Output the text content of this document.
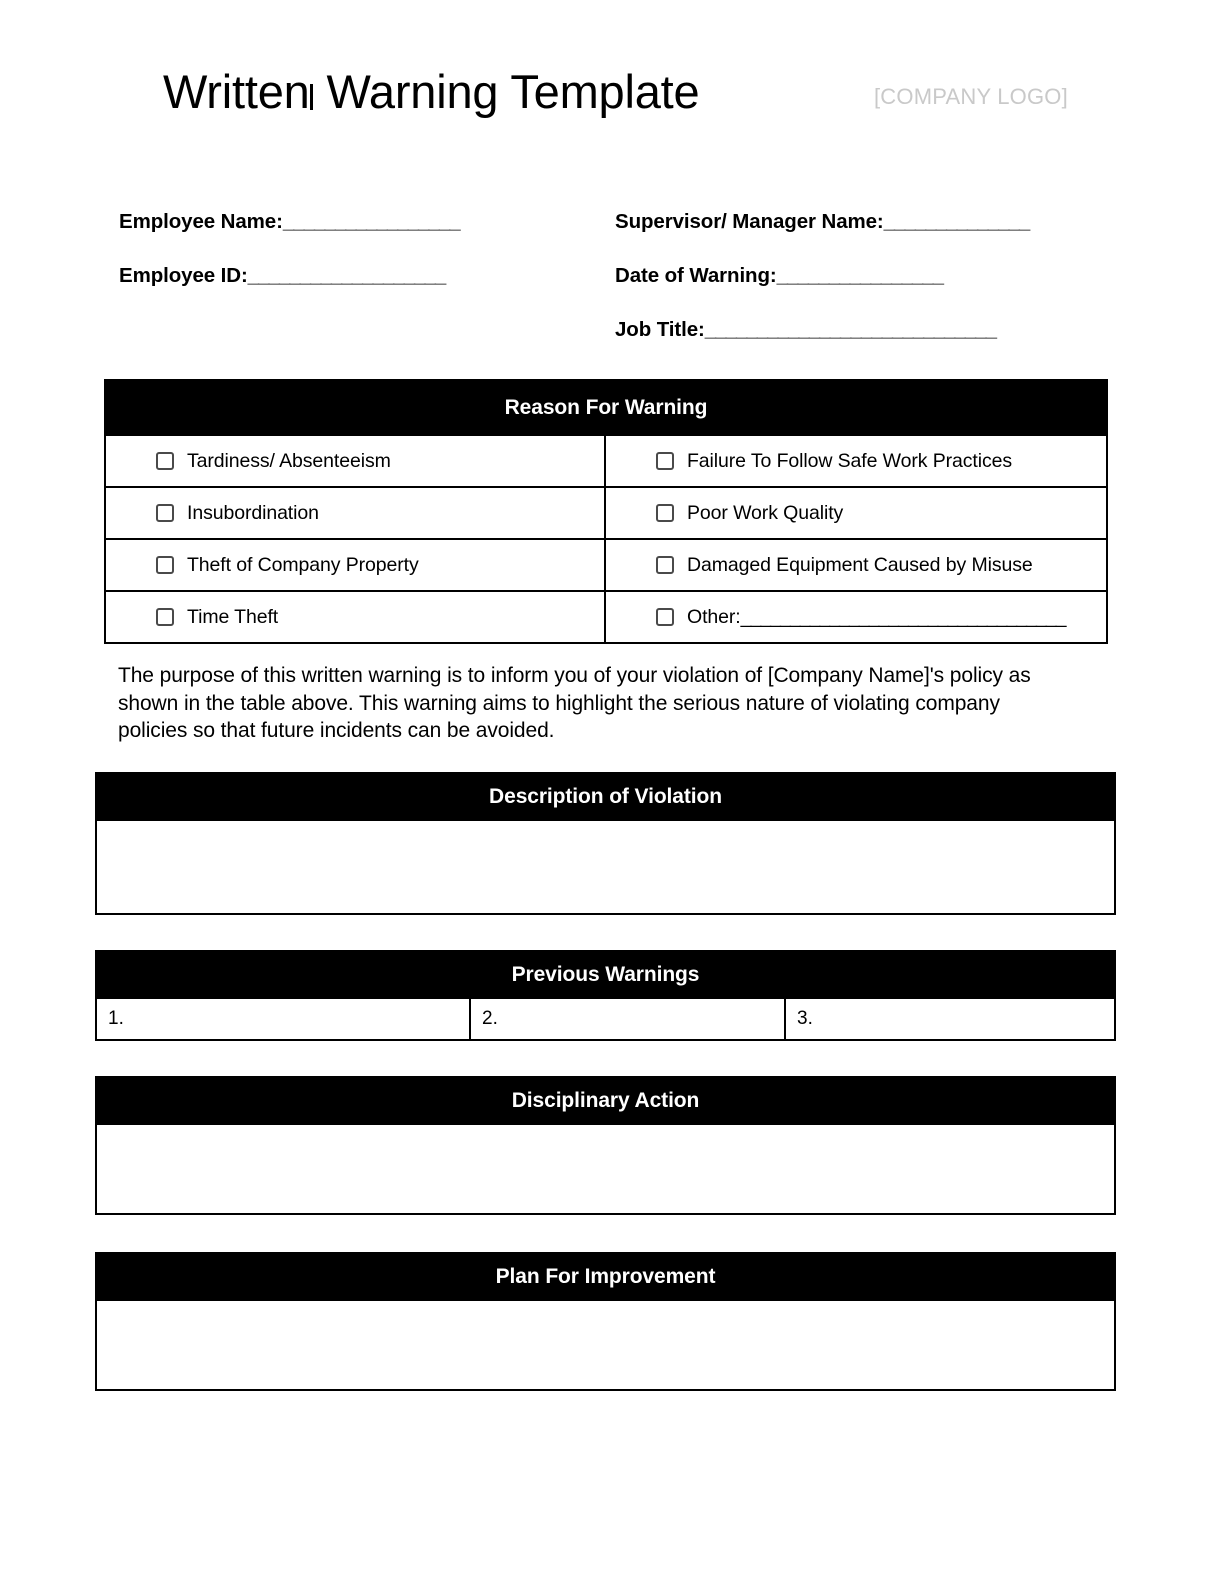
Written Warning Template	[COMPANY LOGO]
Employee Name:_________________
Employee ID:___________________
Supervisor/ Manager Name:______________
Date of Warning:________________
Job Title:____________________________
Reason For Warning
Tardiness/ Absenteeism	Failure To Follow Safe Work Practices
Insubordination	Poor Work Quality
Theft of Company Property	Damaged Equipment Caused by Misuse
Time Theft	Other: _________________________________
The purpose of this written warning is to inform you of your violation of [Company Name]'s policy as shown in the table above. This warning aims to highlight the serious nature of violating company policies so that future incidents can be avoided.
Description of Violation
Previous Warnings
1.	2.	3.
Disciplinary Action
Plan For Improvement
